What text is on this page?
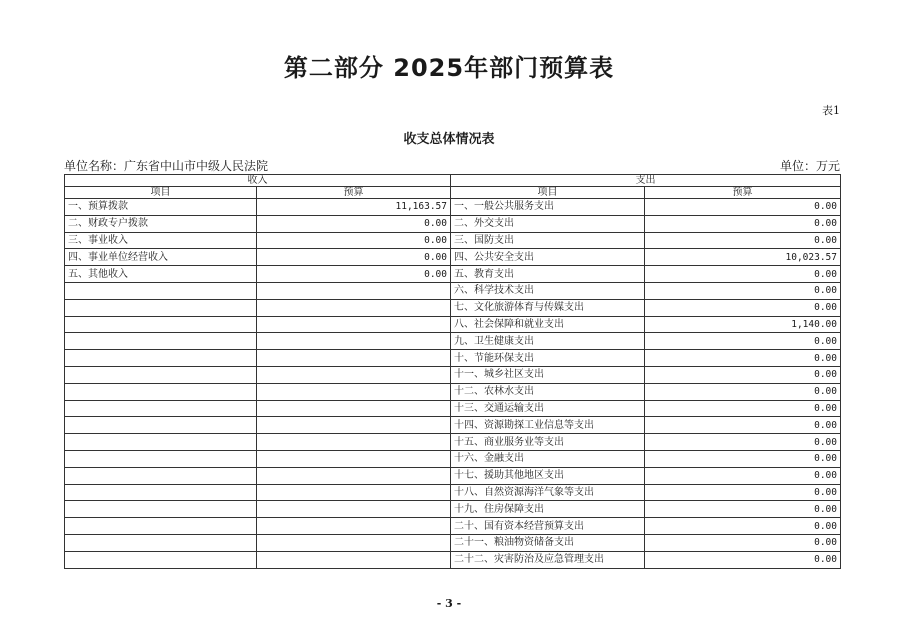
第二部分 2025年部门预算表
表1
收支总体情况表
单位名称：广东省中山市中级人民法院	单位：万元
收入		支出	
项目	预算	项目	预算
一、预算拨款	11,163.57	一、一般公共服务支出	0.00
二、财政专户拨款	0.00	二、外交支出	0.00
三、事业收入	0.00	三、国防支出	0.00
四、事业单位经营收入	0.00	四、公共安全支出	10,023.57
五、其他收入	0.00	五、教育支出	0.00
		六、科学技术支出	0.00
		七、文化旅游体育与传媒支出	0.00
		八、社会保障和就业支出	1,140.00
		九、卫生健康支出	0.00
		十、节能环保支出	0.00
		十一、城乡社区支出	0.00
		十二、农林水支出	0.00
		十三、交通运输支出	0.00
		十四、资源勘探工业信息等支出	0.00
		十五、商业服务业等支出	0.00
		十六、金融支出	0.00
		十七、援助其他地区支出	0.00
		十八、自然资源海洋气象等支出	0.00
		十九、住房保障支出	0.00
		二十、国有资本经营预算支出	0.00
		二十一、粮油物资储备支出	0.00
		二十二、灾害防治及应急管理支出	0.00
- 3 -
